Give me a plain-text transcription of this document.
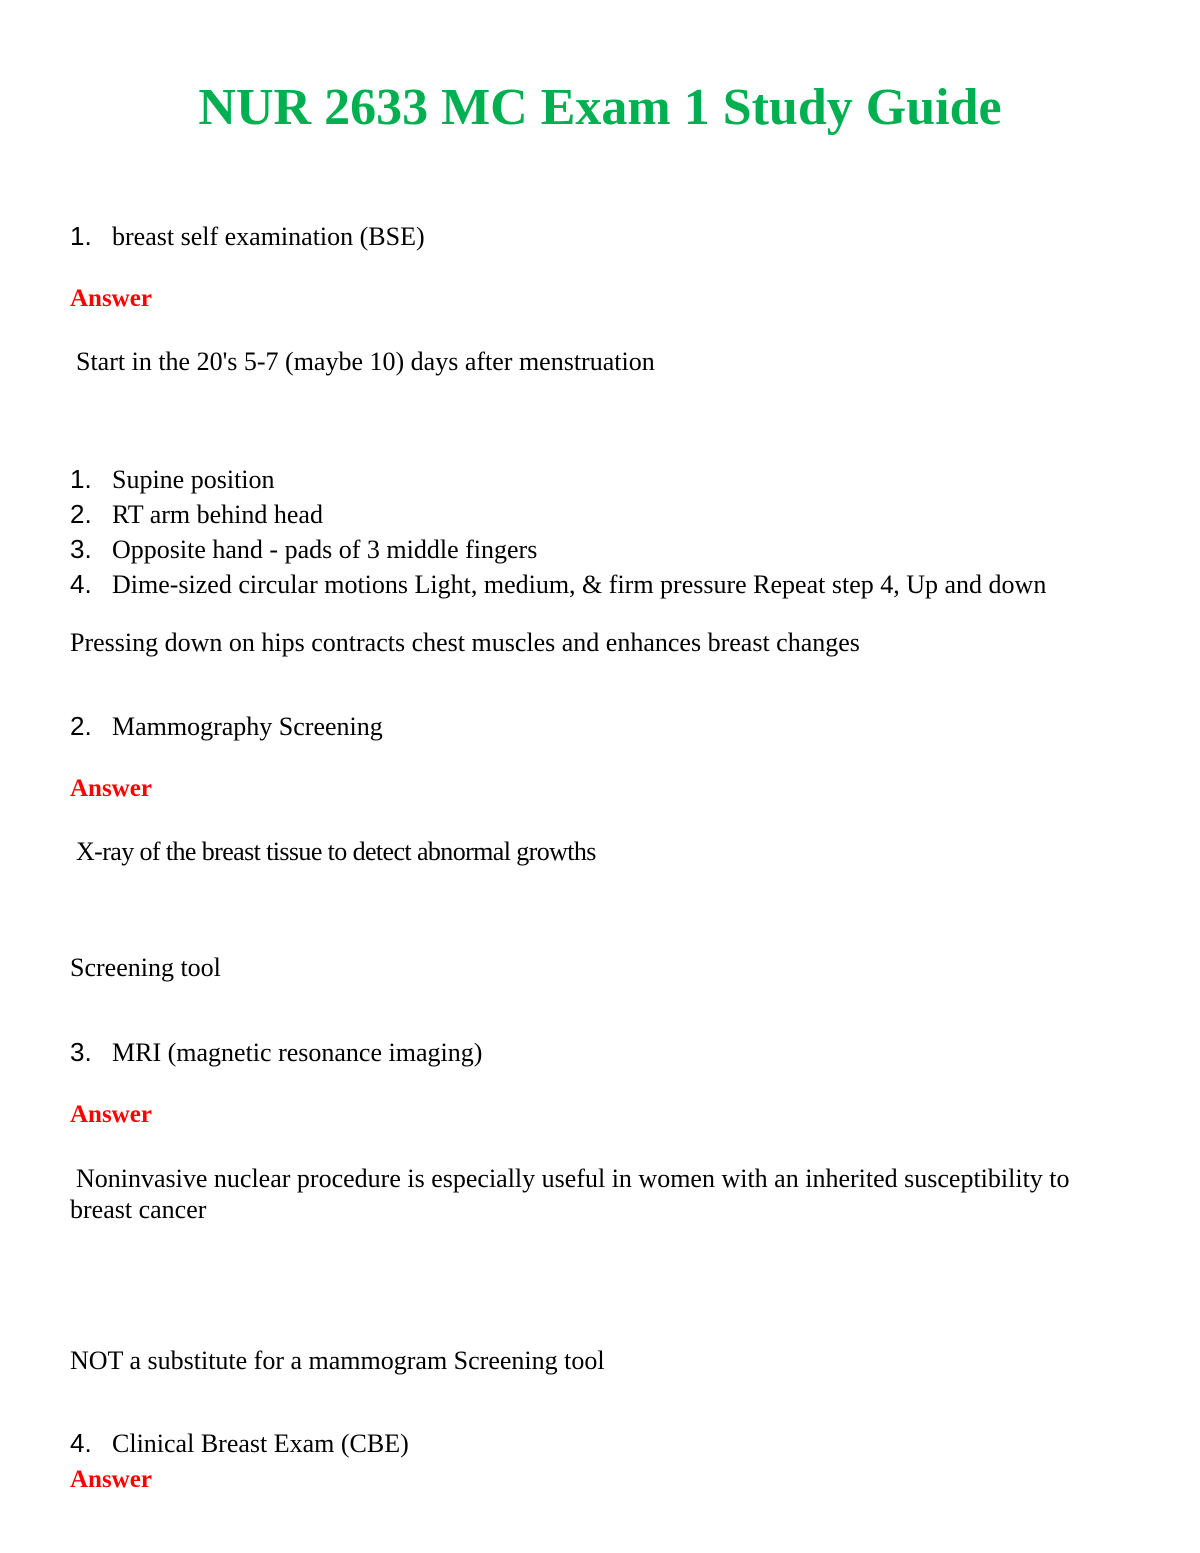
NUR 2633 MC Exam 1 Study Guide
1. breast self examination (BSE)
Answer
Start in the 20's 5-7 (maybe 10) days after menstruation
1. Supine position
2. RT arm behind head
3. Opposite hand - pads of 3 middle fingers
4. Dime-sized circular motions Light, medium, & firm pressure Repeat step 4, Up and down
Pressing down on hips contracts chest muscles and enhances breast changes
2. Mammography Screening
Answer
X-ray of the breast tissue to detect abnormal growths
Screening tool
3. MRI (magnetic resonance imaging)
Answer
Noninvasive nuclear procedure is especially useful in women with an inherited susceptibility to breast cancer
NOT a substitute for a mammogram Screening tool
4. Clinical Breast Exam (CBE)
Answer
